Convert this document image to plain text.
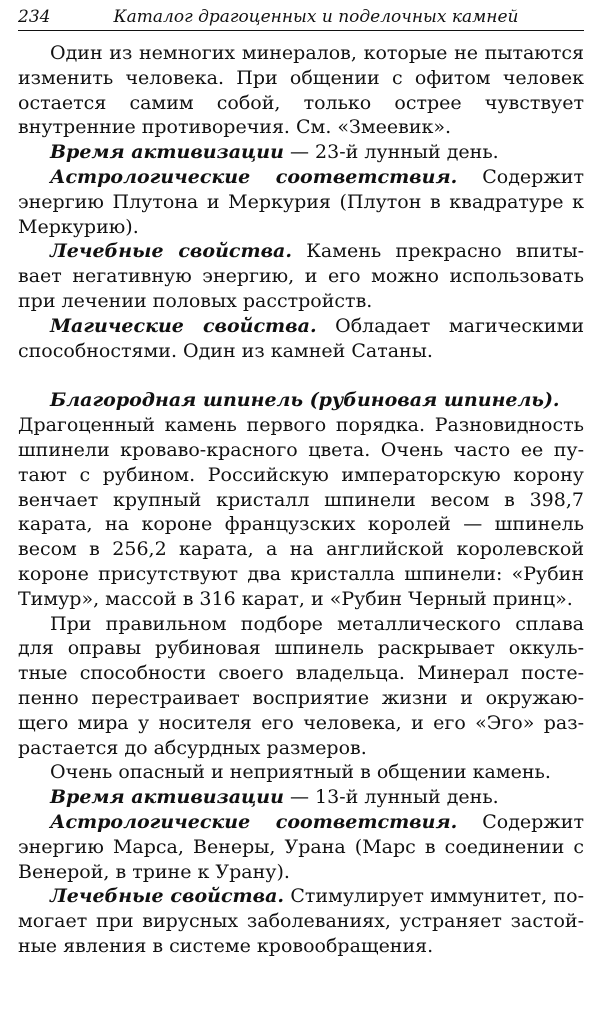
234	Каталог драгоценных и поделочных камней

Один из немногих минералов, которые не пытаются изменить человека. При общении с офитом человек остается самим собой, только острее чувствует внутренние противоречия. См. «Змеевик».

Время активизации — 23-й лунный день.

Астрологические соответствия. Содержит энергию Плутона и Меркурия (Плутон в квадратуре к Меркурию).

Лечебные свойства. Камень прекрасно впитывает негативную энергию, и его можно использовать при лечении половых расстройств.

Магические свойства. Обладает магическими способностями. Один из камней Сатаны.

Благородная шпинель (рубиновая шпинель).

Драгоценный камень первого порядка. Разновидность шпинели кроваво-красного цвета. Очень часто ее путают с рубином. Российскую императорскую корону венчает крупный кристалл шпинели весом в 398,7 карата, на короне французских королей — шпинель весом в 256,2 карата, а на английской королевской короне присутствуют два кристалла шпинели: «Рубин Тимур», массой в 316 карат, и «Рубин Черный принц».

При правильном подборе металлического сплава для оправы рубиновая шпинель раскрывает оккультные способности своего владельца. Минерал постепенно перестраивает восприятие жизни и окружающего мира у носителя его человека, и его «Эго» разрастается до абсурдных размеров.

Очень опасный и неприятный в общении камень.

Время активизации — 13-й лунный день.

Астрологические соответствия. Содержит энергию Марса, Венеры, Урана (Марс в соединении с Венерой, в трине к Урану).

Лечебные свойства. Стимулирует иммунитет, помогает при вирусных заболеваниях, устраняет застойные явления в системе кровообращения.
